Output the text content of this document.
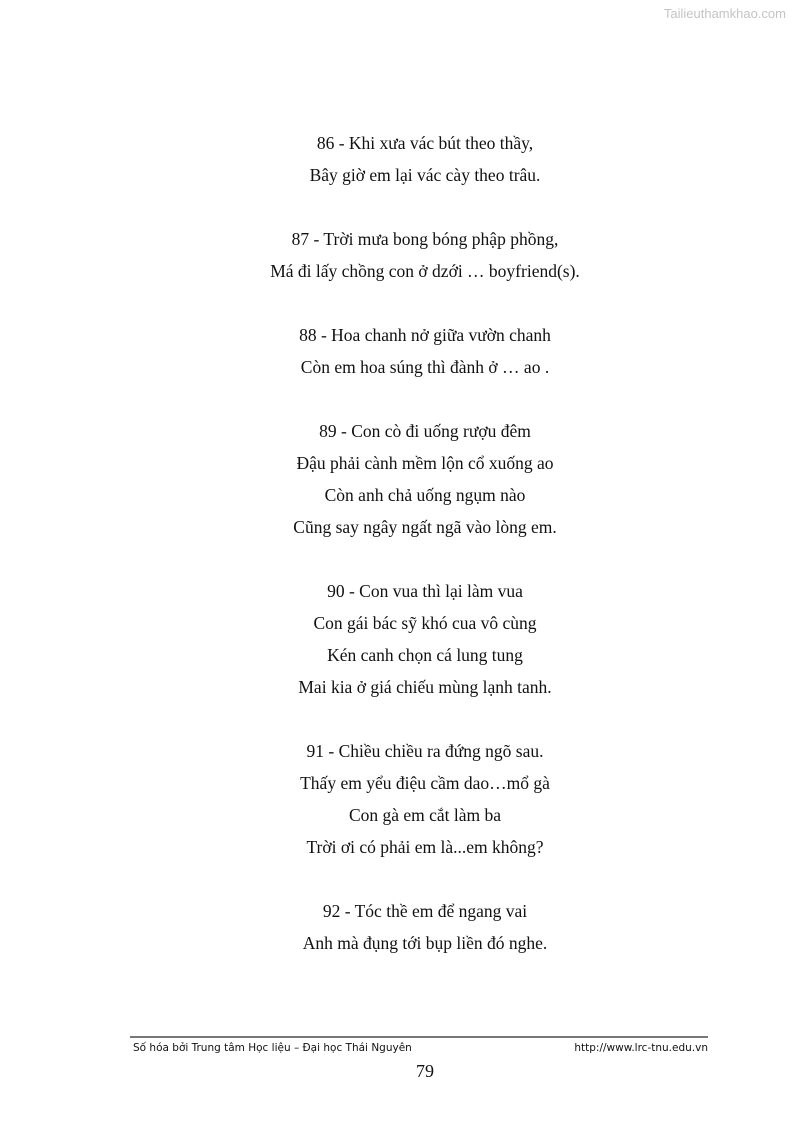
Tailieuthamkhao.com
86 - Khi xưa vác bút theo thầy,
Bây giờ em lại vác cày theo trâu.
87 - Trời mưa bong bóng phập phồng,
Má đi lấy chồng con ở dzới … boyfriend(s).
88 - Hoa chanh nở giữa vườn chanh
Còn em hoa súng thì đành ở … ao .
89 - Con cò đi uống rượu đêm
Đậu phải cành mềm lộn cổ xuống ao
Còn anh chả uống ngụm nào
Cũng say ngây ngất ngã vào lòng em.
90 - Con vua thì lại làm vua
Con gái bác sỹ khó cua vô cùng
Kén canh chọn cá lung tung
Mai kia ở giá chiếu mùng lạnh tanh.
91 - Chiều chiều ra đứng ngõ sau.
Thấy em yểu điệu cầm dao…mổ gà
Con gà em cắt làm ba
Trời ơi có phải em là...em không?
92 - Tóc thề em để ngang vai
Anh mà đụng tới bụp liền đó nghe.
Số hóa bởi Trung tâm Học liệu – Đại học Thái Nguyên	http://www.lrc-tnu.edu.vn
79
